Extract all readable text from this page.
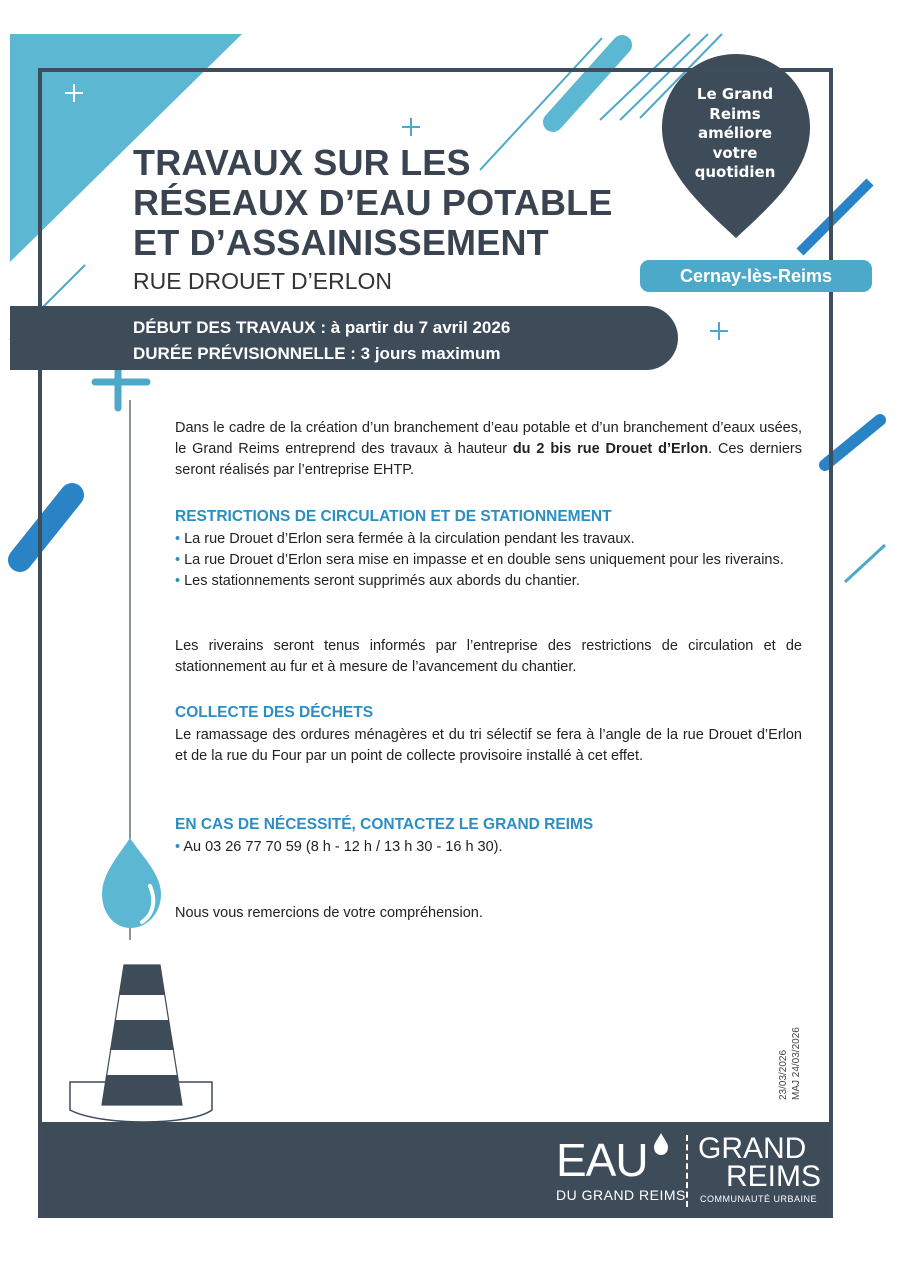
Le Grand
Reims
améliore
votre
quotidien
Cernay-lès-Reims
TRAVAUX SUR LES
RÉSEAUX D’EAU POTABLE
ET D’ASSAINISSEMENT
RUE DROUET D’ERLON
DÉBUT DES TRAVAUX : à partir du 7 avril 2026
DURÉE PRÉVISIONNELLE : 3 jours maximum
Dans le cadre de la création d’un branchement d’eau potable et d’un branchement d’eaux usées, le Grand Reims entreprend des travaux à hauteur du 2 bis rue Drouet d’Erlon. Ces derniers seront réalisés par l’entreprise EHTP.
RESTRICTIONS DE CIRCULATION ET DE STATIONNEMENT
• La rue Drouet d’Erlon sera fermée à la circulation pendant les travaux.
• La rue Drouet d’Erlon sera mise en impasse et en double sens uniquement pour les riverains.
• Les stationnements seront supprimés aux abords du chantier.
Les riverains seront tenus informés par l’entreprise des restrictions de circulation et de stationnement au fur et à mesure de l’avancement du chantier.
COLLECTE DES DÉCHETS
Le ramassage des ordures ménagères et du tri sélectif se fera à l’angle de la rue Drouet d’Erlon et de la rue du Four par un point de collecte provisoire installé à cet effet.
EN CAS DE NÉCESSITÉ, CONTACTEZ LE GRAND REIMS
• Au 03 26 77 70 59 (8 h - 12 h / 13 h 30 - 16 h 30).
Nous vous remercions de votre compréhension.
23/03/2026 MAJ 24/03/2026
EAU
DU GRAND REIMS
GRAND
REIMS
COMMUNAUTÉ URBAINE
